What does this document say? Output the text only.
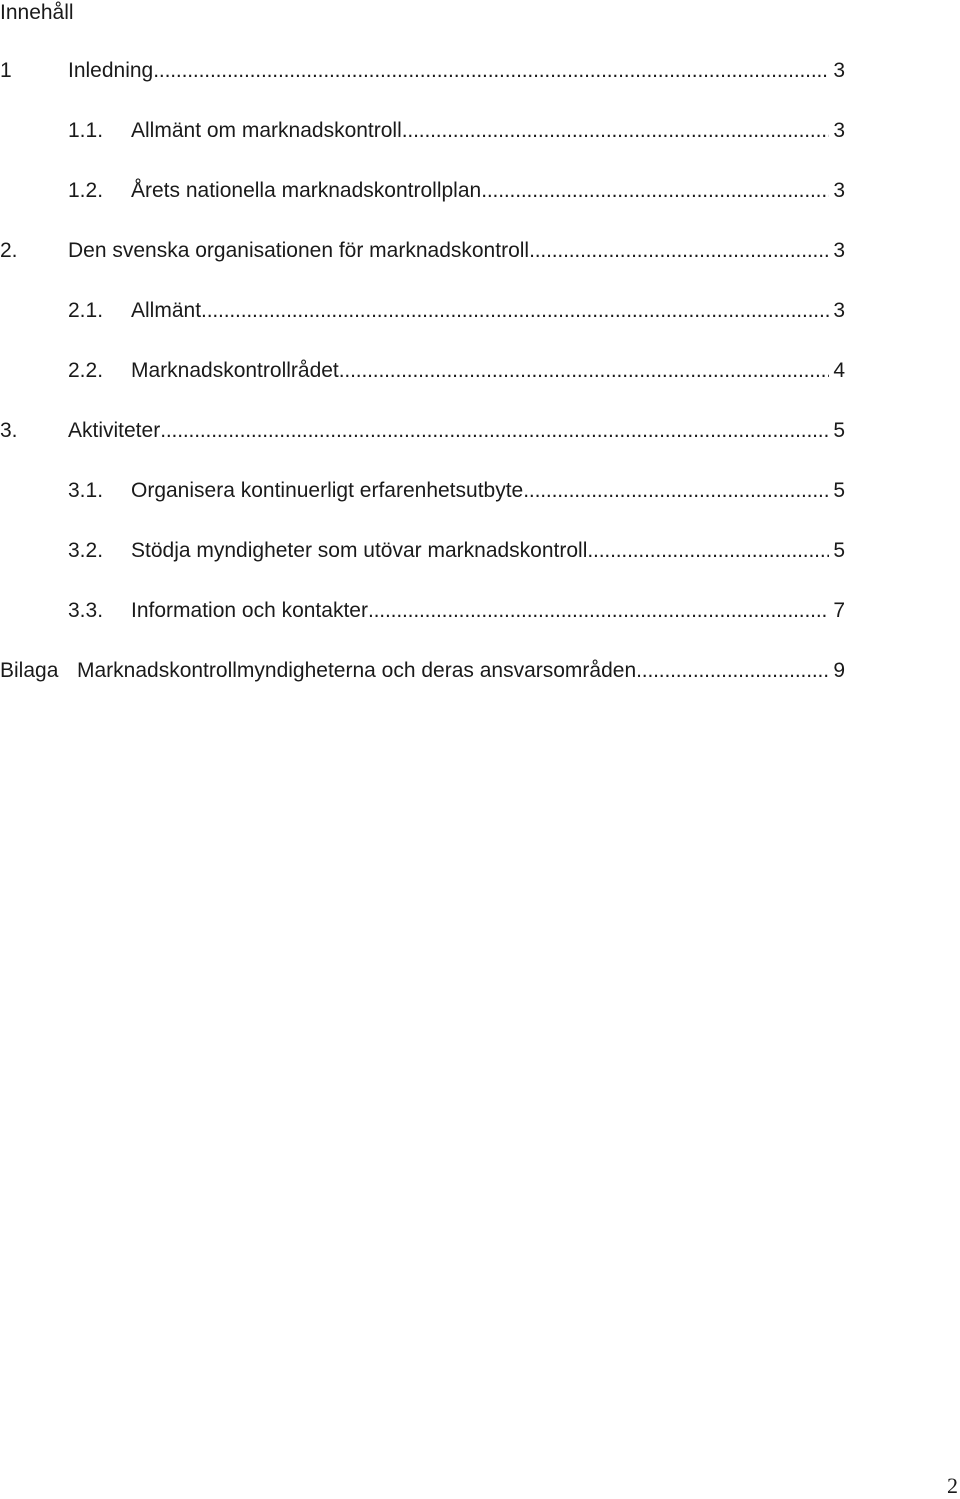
Innehåll
1	Inledning . . .	3
1.1. Allmänt om marknadskontroll . . .	3
1.2. Årets nationella marknadskontrollplan . . .	3
2. Den svenska organisationen för marknadskontroll . . .	3
2.1. Allmänt . . .	3
2.2. Marknadskontrollrådet . . .	4
3. Aktiviteter . . .	5
3.1. Organisera kontinuerligt erfarenhetsutbyte . . .	5
3.2. Stödja myndigheter som utövar marknadskontroll . . .	5
3.3. Information och kontakter . . .	7
Bilaga Marknadskontrollmyndigheterna och deras ansvarsområden . . .	9
2
